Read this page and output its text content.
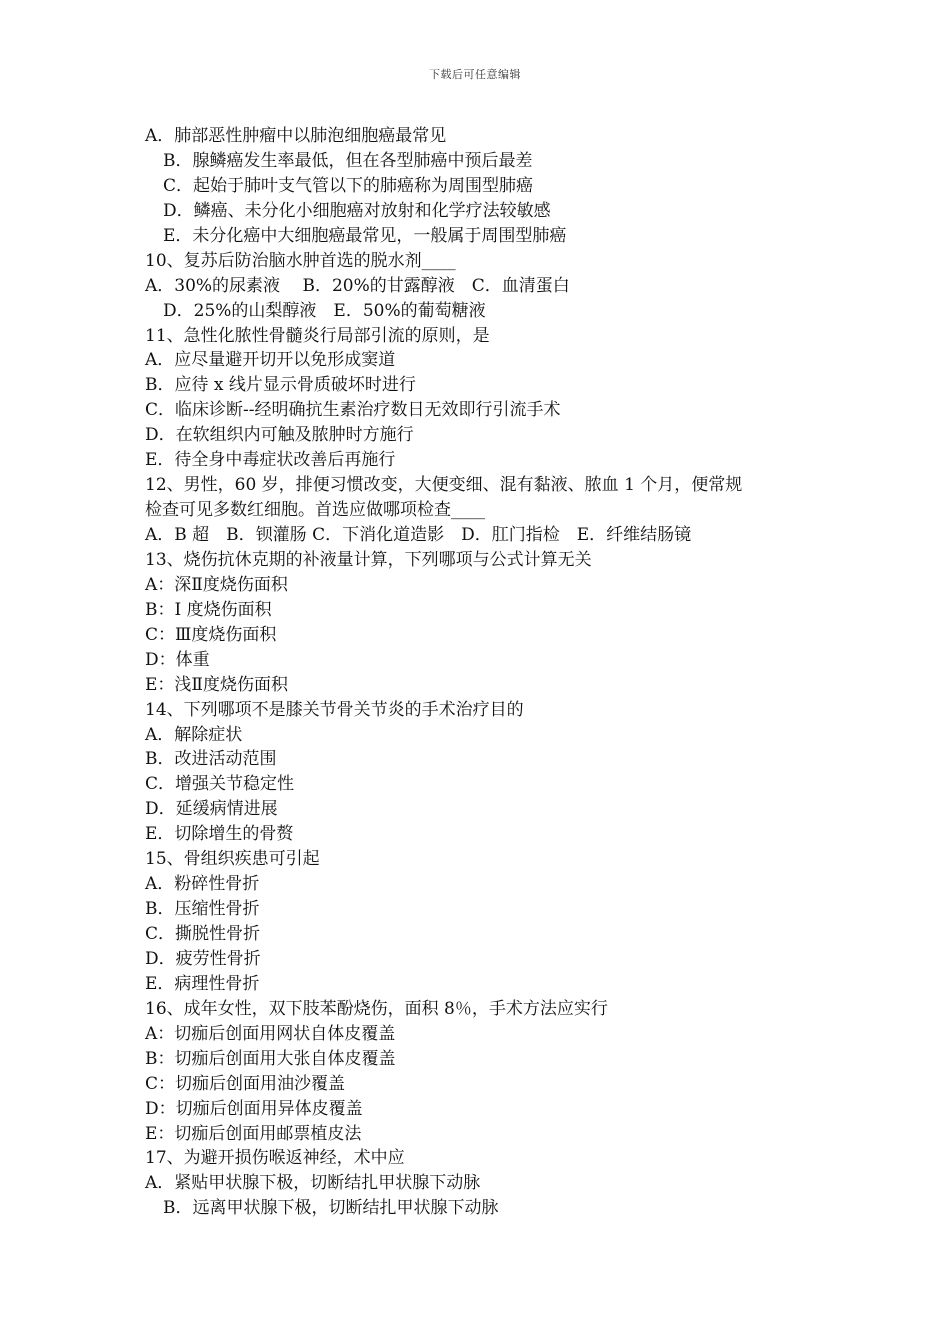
下载后可任意编辑
A．肺部恶性肿瘤中以肺泡细胞癌最常见
B．腺鳞癌发生率最低，但在各型肺癌中预后最差
C．起始于肺叶支气管以下的肺癌称为周围型肺癌
D．鳞癌、未分化小细胞癌对放射和化学疗法较敏感
E．未分化癌中大细胞癌最常见，一般属于周围型肺癌
10、复苏后防治脑水肿首选的脱水剂____
A．30%的尿素液　 B．20%的甘露醇液　C．血清蛋白
D．25%的山梨醇液　E．50%的葡萄糖液
11、急性化脓性骨髓炎行局部引流的原则，是
A．应尽量避开切开以免形成窦道
B．应待 x 线片显示骨质破坏时进行
C．临床诊断--经明确抗生素治疗数日无效即行引流手术
D．在软组织内可触及脓肿时方施行
E．待全身中毒症状改善后再施行
12、男性，60 岁，排便习惯改变，大便变细、混有黏液、脓血 1 个月，便常规
检查可见多数红细胞。首选应做哪项检查____
A．B 超　B．钡灌肠 C．下消化道造影　D．肛门指检　E．纤维结肠镜
13、烧伤抗休克期的补液量计算，下列哪项与公式计算无关
A：深Ⅱ度烧伤面积
B：I 度烧伤面积
C：Ⅲ度烧伤面积
D：体重
E：浅Ⅱ度烧伤面积
14、下列哪项不是膝关节骨关节炎的手术治疗目的
A．解除症状
B．改进活动范围
C．增强关节稳定性
D．延缓病情进展
E．切除增生的骨赘
15、骨组织疾患可引起
A．粉碎性骨折
B．压缩性骨折
C．撕脱性骨折
D．疲劳性骨折
E．病理性骨折
16、成年女性，双下肢苯酚烧伤，面积 8％，手术方法应实行
A：切痂后创面用网状自体皮覆盖
B：切痂后创面用大张自体皮覆盖
C：切痂后创面用油沙覆盖
D：切痂后创面用异体皮覆盖
E：切痂后创面用邮票植皮法
17、为避开损伤喉返神经，术中应
A．紧贴甲状腺下极，切断结扎甲状腺下动脉
B．远离甲状腺下极，切断结扎甲状腺下动脉
